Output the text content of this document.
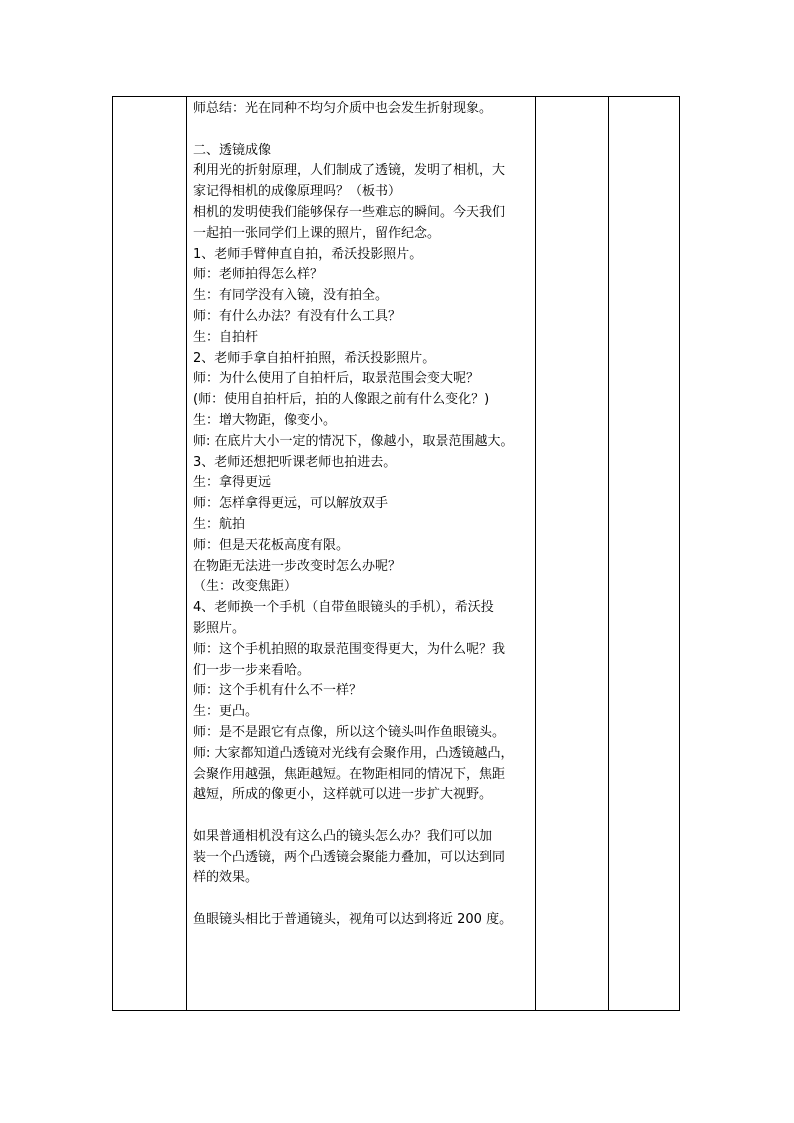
师总结：光在同种不均匀介质中也会发生折射现象。
二、透镜成像
利用光的折射原理，人们制成了透镜，发明了相机，大
家记得相机的成像原理吗？（板书）
相机的发明使我们能够保存一些难忘的瞬间。今天我们
一起拍一张同学们上课的照片，留作纪念。
1、老师手臂伸直自拍，希沃投影照片。
师：老师拍得怎么样？
生：有同学没有入镜，没有拍全。
师：有什么办法？有没有什么工具？
生：自拍杆
2、老师手拿自拍杆拍照，希沃投影照片。
师：为什么使用了自拍杆后，取景范围会变大呢？
(师：使用自拍杆后，拍的人像跟之前有什么变化？)
生：增大物距，像变小。
师: 在底片大小一定的情况下，像越小，取景范围越大。
3、老师还想把听课老师也拍进去。
生：拿得更远
师：怎样拿得更远，可以解放双手
生：航拍
师：但是天花板高度有限。
在物距无法进一步改变时怎么办呢？
（生：改变焦距）
4、老师换一个手机（自带鱼眼镜头的手机），希沃投
影照片。
师：这个手机拍照的取景范围变得更大，为什么呢？我
们一步一步来看哈。
师：这个手机有什么不一样？
生：更凸。
师：是不是跟它有点像，所以这个镜头叫作鱼眼镜头。
师: 大家都知道凸透镜对光线有会聚作用，凸透镜越凸，
会聚作用越强，焦距越短。在物距相同的情况下，焦距
越短，所成的像更小，这样就可以进一步扩大视野。
如果普通相机没有这么凸的镜头怎么办？我们可以加
装一个凸透镜，两个凸透镜会聚能力叠加，可以达到同
样的效果。
鱼眼镜头相比于普通镜头，视角可以达到将近 200 度。
